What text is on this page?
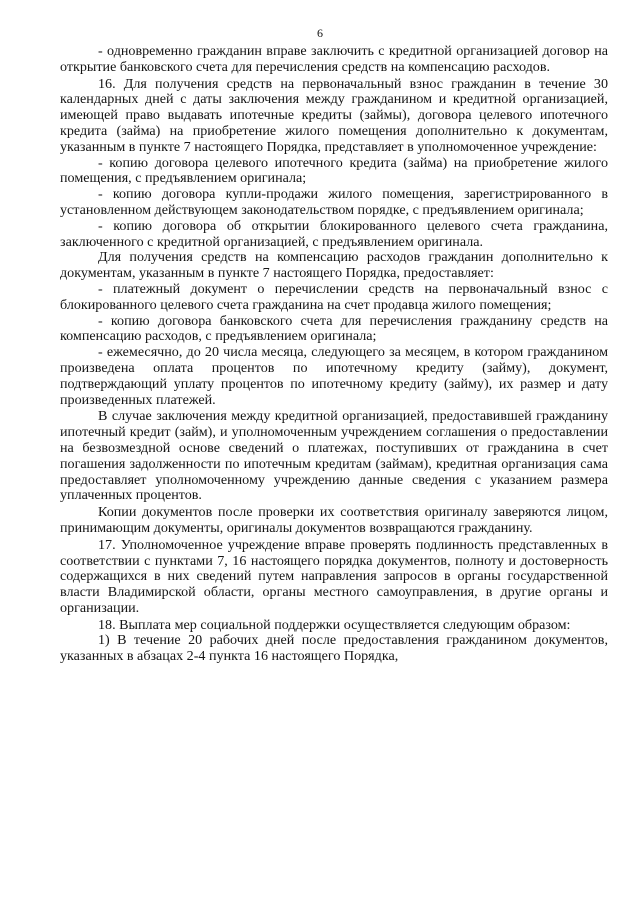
6

- одновременно гражданин вправе заключить с кредитной организацией договор на открытие банковского счета для перечисления средств на компенсацию расходов.

16. Для получения средств на первоначальный взнос гражданин в течение 30 календарных дней с даты заключения между гражданином и кредитной организацией, имеющей право выдавать ипотечные кредиты (займы), договора целевого ипотечного кредита (займа) на приобретение жилого помещения дополнительно к документам, указанным в пункте 7 настоящего Порядка, представляет в уполномоченное учреждение:

- копию договора целевого ипотечного кредита (займа) на приобретение жилого помещения, с предъявлением оригинала;

- копию договора купли-продажи жилого помещения, зарегистрированного в установленном действующем законодательством порядке, с предъявлением оригинала;

- копию договора об открытии блокированного целевого счета гражданина, заключенного с кредитной организацией, с предъявлением оригинала.

Для получения средств на компенсацию расходов гражданин дополнительно к документам, указанным в пункте 7 настоящего Порядка, предоставляет:

- платежный документ о перечислении средств на первоначальный взнос с блокированного целевого счета гражданина на счет продавца жилого помещения;

- копию договора банковского счета для перечисления гражданину средств на компенсацию расходов, с предъявлением оригинала;

- ежемесячно, до 20 числа месяца, следующего за месяцем, в котором гражданином произведена оплата процентов по ипотечному кредиту (займу), документ, подтверждающий уплату процентов по ипотечному кредиту (займу), их размер и дату произведенных платежей.

В случае заключения между кредитной организацией, предоставившей гражданину ипотечный кредит (займ), и уполномоченным учреждением соглашения о предоставлении на безвозмездной основе сведений о платежах, поступивших от гражданина в счет погашения задолженности по ипотечным кредитам (займам), кредитная организация сама предоставляет уполномоченному учреждению данные сведения с указанием размера уплаченных процентов.

Копии документов после проверки их соответствия оригиналу заверяются лицом, принимающим документы, оригиналы документов возвращаются гражданину.

17. Уполномоченное учреждение вправе проверять подлинность представленных в соответствии с пунктами 7, 16 настоящего порядка документов, полноту и достоверность содержащихся в них сведений путем направления запросов в органы государственной власти Владимирской области, органы местного самоуправления, в другие органы и организации.

18. Выплата мер социальной поддержки осуществляется следующим образом:

1) В течение 20 рабочих дней после предоставления гражданином документов, указанных в абзацах 2-4 пункта 16 настоящего Порядка,
